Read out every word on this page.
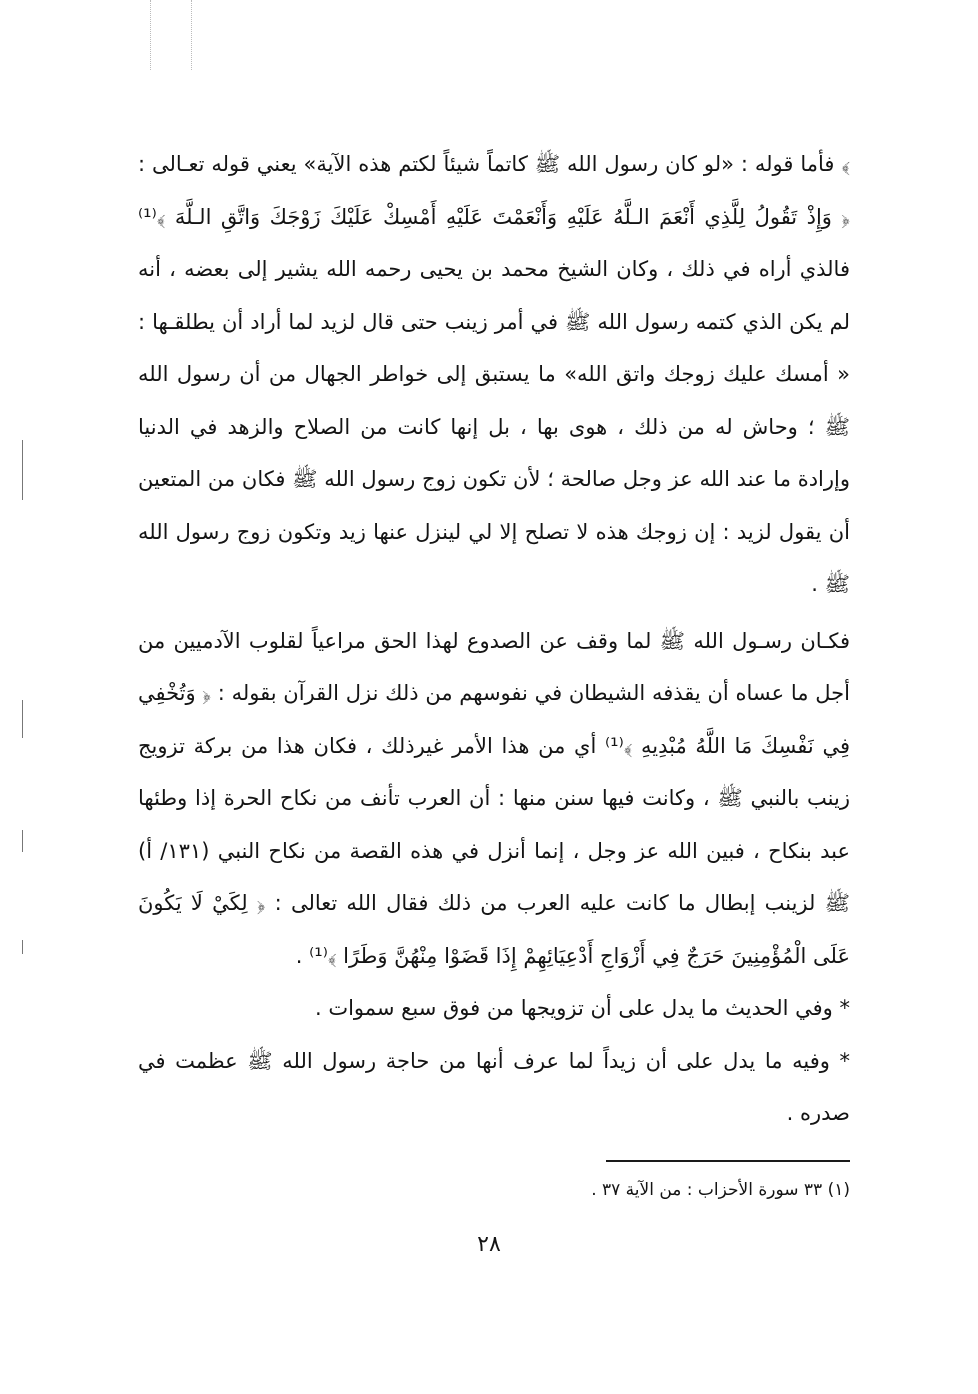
﴾ فأما قوله : «لو كان رسول الله ﷺ كاتماً شيئاً لكتم هذه الآية» يعني قوله تعـالى : ﴿ وَإِذْ تَقُولُ لِلَّذِي أَنْعَمَ الـلَّهُ عَلَيْهِ وَأَنْعَمْتَ عَلَيْهِ أَمْسِكْ عَلَيْكَ زَوْجَكَ وَاتَّقِ الـلَّهَ ﴾⁽¹⁾ فالذي أراه في ذلك ، وكان الشيخ محمد بن يحيى رحمه الله يشير إلى بعضه ، أنه لم يكن الذي كتمه رسول الله ﷺ في أمر زينب حتى قال لزيد لما أراد أن يطلقـها : « أمسك عليك زوجك واتق الله» ما يستبق إلى خواطر الجهال من أن رسول الله ﷺ ؛ وحاش له من ذلك ، هوى بها ، بل إنها كانت من الصلاح والزهد في الدنيا وإرادة ما عند الله عز وجل صالحة ؛ لأن تكون زوج رسول الله ﷺ فكان من المتعين أن يقول لزيد : إن زوجك هذه لا تصلح إلا لي لينزل عنها زيد وتكون زوج رسول الله ﷺ .

فكـان رسـول الله ﷺ لما وقف عن الصدوع لهذا الحق مراعياً لقلوب الآدميين من أجل ما عساه أن يقذفه الشيطان في نفوسهم من ذلك نزل القرآن بقوله : ﴿ وَتُخْفِي فِي نَفْسِكَ مَا اللَّهُ مُبْدِيهِ ﴾⁽¹⁾ أي من هذا الأمر غيرذلك ، فكان هذا من بركة تزويج زينب بالنبي ﷺ ، وكانت فيها سنن منها : أن العرب تأنف من نكاح الحرة إذا وطئها عبد بنكاح ، فبين الله عز وجل ، إنما أنزل في هذه القصة من نكاح النبي (١٣١/ أ) ﷺ لزينب إبطال ما كانت عليه العرب من ذلك فقال الله تعالى : ﴿ لِكَيْ لَا يَكُونَ عَلَى الْمُؤْمِنِينَ حَرَجٌ فِي أَزْوَاجِ أَدْعِيَائِهِمْ إِذَا قَضَوْا مِنْهُنَّ وَطَرًا ﴾⁽¹⁾ .

* وفي الحديث ما يدل على أن تزويجها من فوق سبع سموات .

* وفيه ما يدل على أن زيداً لما عرف أنها من حاجة رسول الله ﷺ عظمت في صدره .

(١) ٣٣ سورة الأحزاب : من الآية ٣٧ .
٢٨
